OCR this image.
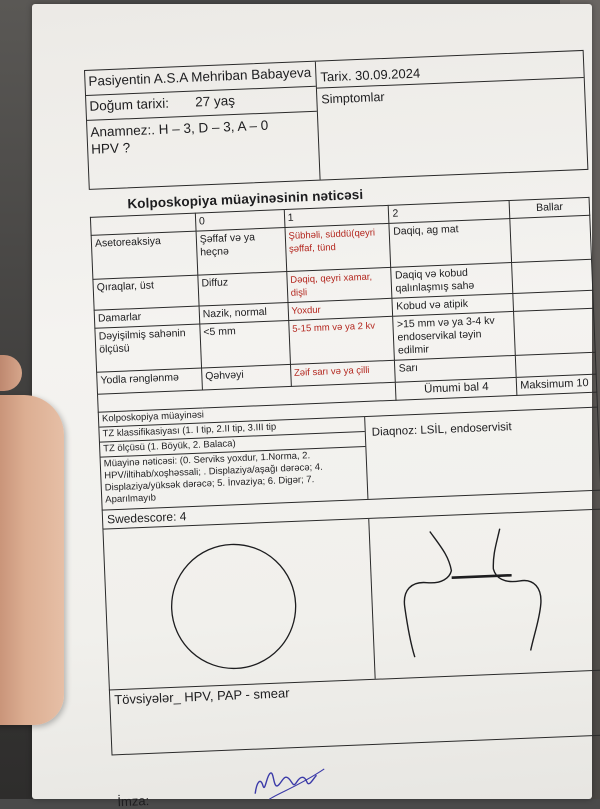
Pasiyentin A.S.A Mehriban Babayeva
Doğum tarixi: 27 yaş
Anamnez:. H – 3, D – 3, A – 0
HPV ?
Tarix. 30.09.2024
Simptomlar
Kolposkopiya müayinəsinin nəticəsi
	0	1	2	Ballar
Asetoreaksiya	Şəffaf və ya heçnə	Şübhəli, süddü(qeyri şəffaf, tünd	Daqiq, ag mat	
Qıraqlar, üst	Diffuz	Dəqiq, qeyri xamar, dişli	Daqiq və kobud qalınlaşmış sahə	
Damarlar	Nazik, normal	Yoxdur	Kobud və atipik	
Dəyişilmiş sahənin ölçüsü	<5 mm	5-15 mm və ya 2 kv	>15 mm və ya 3-4 kv endoservikal təyin edilmir	
Yodla rənglənmə	Qəhvəyi	Zəif sarı və ya çilli	Sarı	
			Ümumi bal 4	Maksimum 10
Kolposkopiya müayinəsi
TZ klassifikasiyası (1. I tip, 2.II tip, 3.III tip
TZ ölçüsü (1. Böyük, 2. Balaca)
Müayinə nəticəsi: (0. Serviks yoxdur, 1.Norma, 2. HPV/iltihab/xoşhəssali; . Displaziya/aşağı dərəcə; 4. Displaziya/yüksək dərəcə; 5. İnvaziya; 6. Digər; 7. Aparılmayıb
Diaqnoz: LSİL, endoservisit
Swedescore: 4
Tövsiyələr_ HPV, PAP - smear
İmza:
